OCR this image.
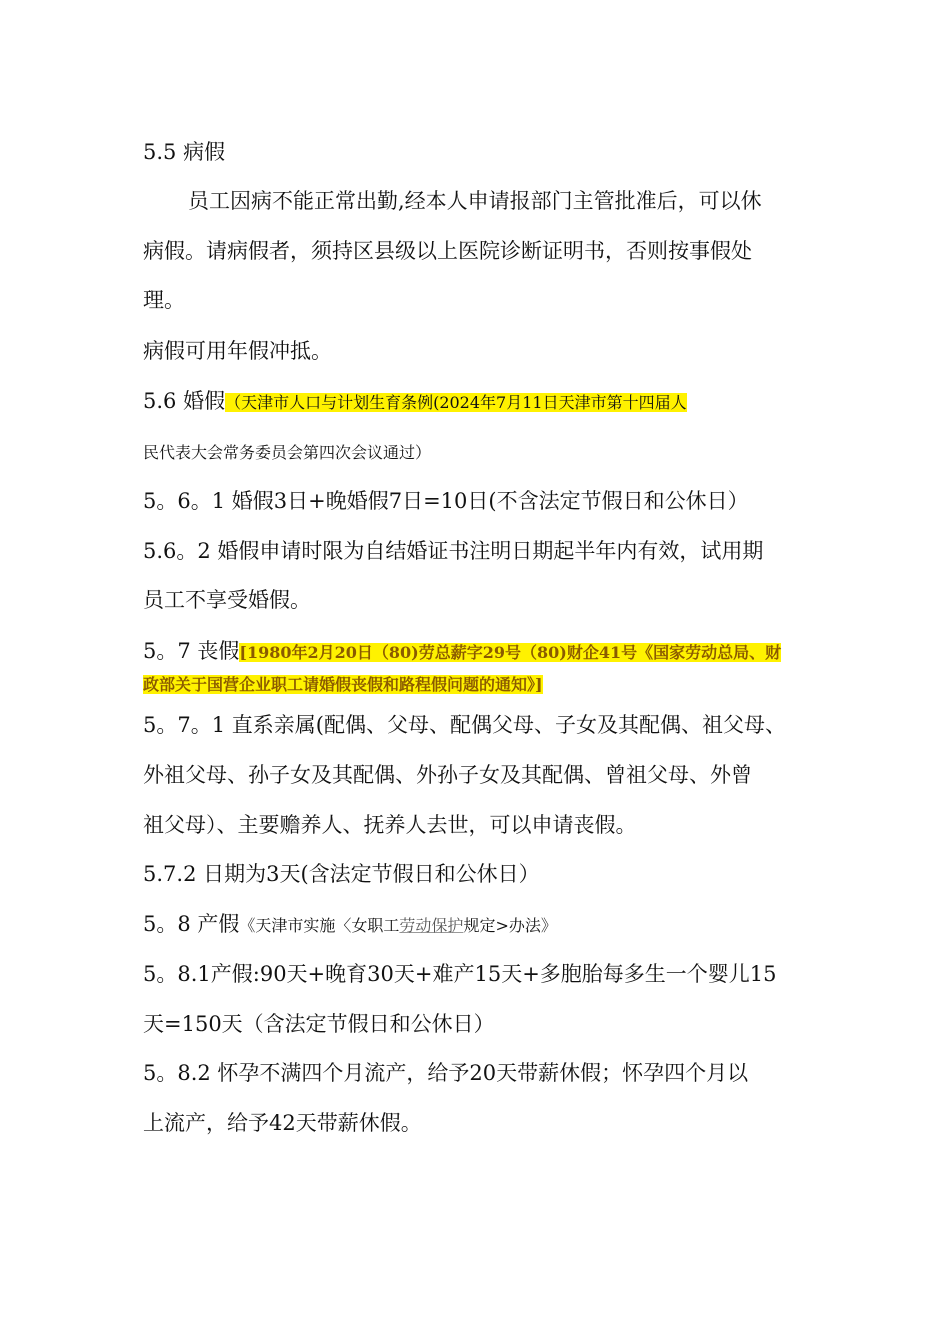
5.5 病假
员工因病不能正常出勤,经本人申请报部门主管批准后，可以休
病假。请病假者，须持区县级以上医院诊断证明书，否则按事假处
理。
病假可用年假冲抵。
5.6 婚假（天津市人口与计划生育条例(2024年7月11日天津市第十四届人
民代表大会常务委员会第四次会议通过）
5。6。1 婚假3日+晚婚假7日=10日(不含法定节假日和公休日）
5.6。2 婚假申请时限为自结婚证书注明日期起半年内有效，试用期
员工不享受婚假。
5。7 丧假[1980年2月20日（80)劳总薪字29号（80)财企41号《国家劳动总局、财
政部关于国营企业职工请婚假丧假和路程假问题的通知》]
5。7。1 直系亲属(配偶、父母、配偶父母、子女及其配偶、祖父母、
外祖父母、孙子女及其配偶、外孙子女及其配偶、曾祖父母、外曾
祖父母）、主要赡养人、抚养人去世，可以申请丧假。
5.7.2 日期为3天(含法定节假日和公休日）
5。8 产假《天津市实施〈女职工劳动保护规定>办法》
5。8.1产假:90天+晚育30天+难产15天+多胞胎每多生一个婴儿15
天=150天（含法定节假日和公休日）
5。8.2 怀孕不满四个月流产，给予20天带薪休假；怀孕四个月以
上流产，给予42天带薪休假。
